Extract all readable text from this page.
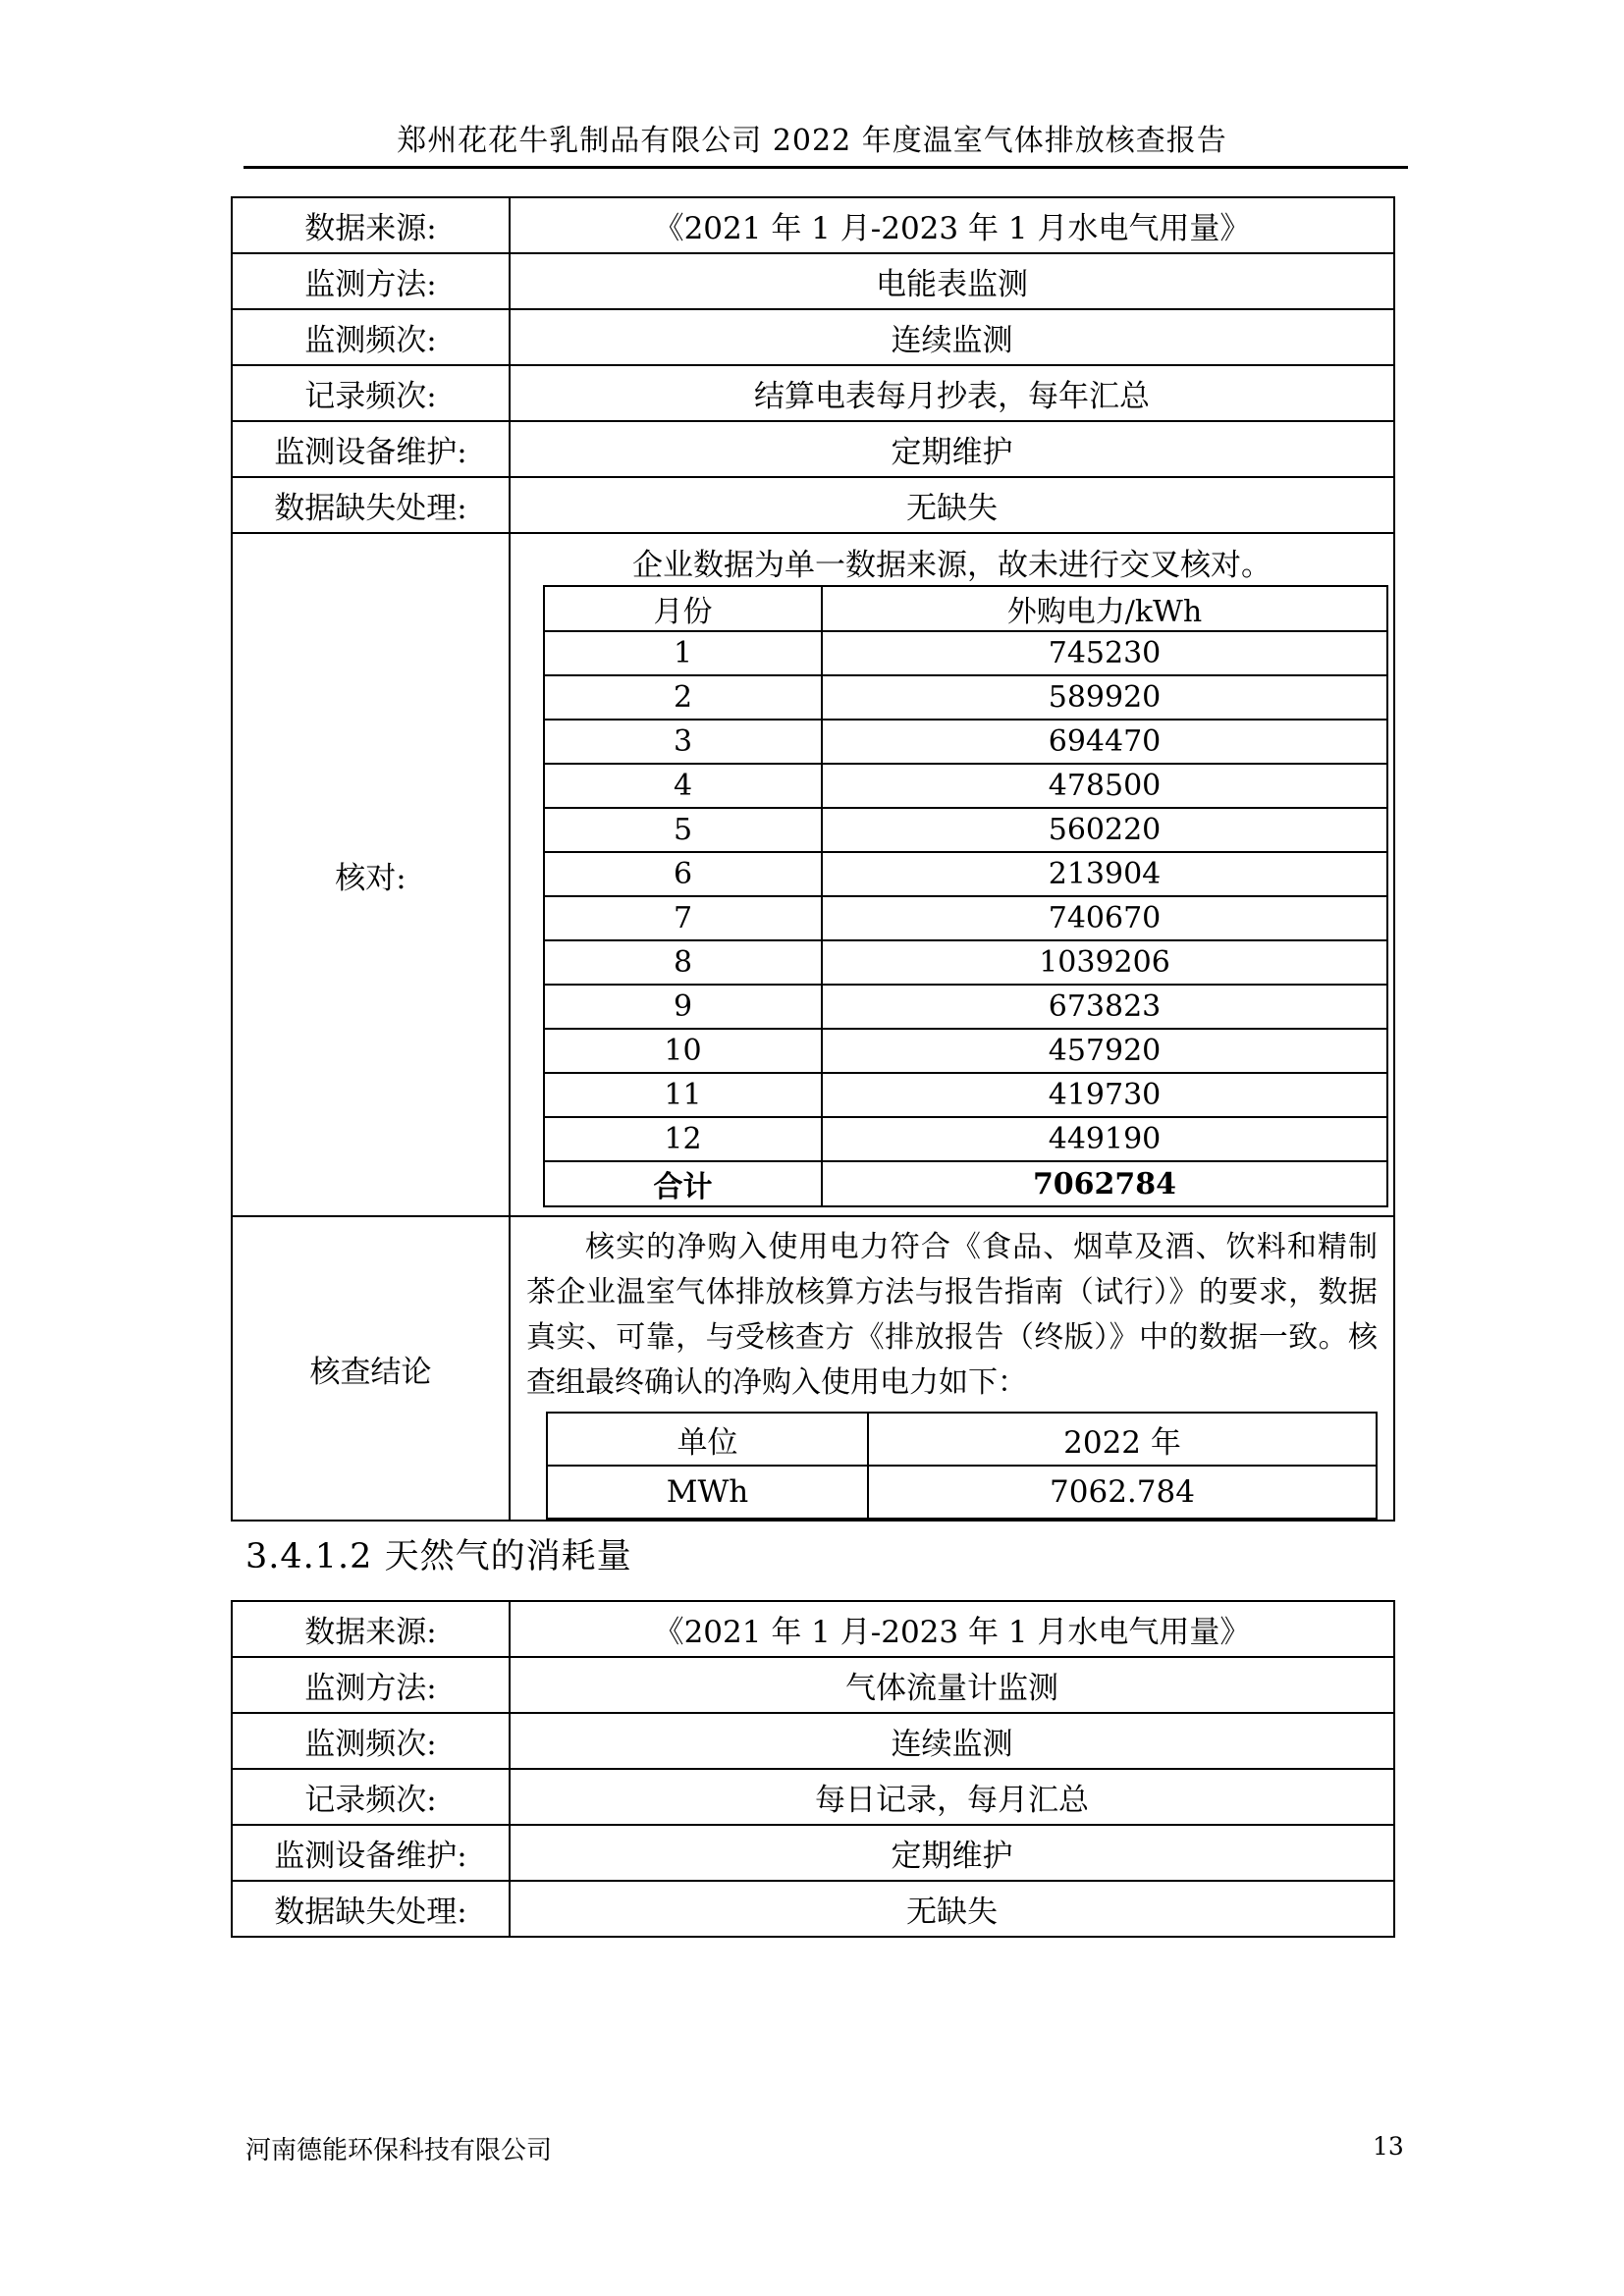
郑州花花牛乳制品有限公司 2022 年度温室气体排放核查报告
数据来源:	《2021 年 1 月-2023 年 1 月水电气用量》
监测方法:	电能表监测
监测频次:	连续监测
记录频次:	结算电表每月抄表，每年汇总
监测设备维护:	定期维护
数据缺失处理:	无缺失
核对:	
企业数据为单一数据来源，故未进行交叉核对。
月份	外购电力/kWh
1	745230
2	589920
3	694470
4	478500
5	560220
6	213904
7	740670
8	1039206
9	673823
10	457920
11	419730
12	449190
合计	7062784

核查结论	

核实的净购入使用电力符合《食品、烟草及酒、饮料和精制茶企业温室气体排放核算方法与报告指南（试行）》的要求，数据真实、可靠，与受核查方《排放报告（终版）》中的数据一致。核查组最终确认的净购入使用电力如下：

单位	2022 年
MWh	7062.784
3.4.1.2 天然气的消耗量
数据来源:	《2021 年 1 月-2023 年 1 月水电气用量》
监测方法:	气体流量计监测
监测频次:	连续监测
记录频次:	每日记录，每月汇总
监测设备维护:	定期维护
数据缺失处理:	无缺失
河南德能环保科技有限公司	13
